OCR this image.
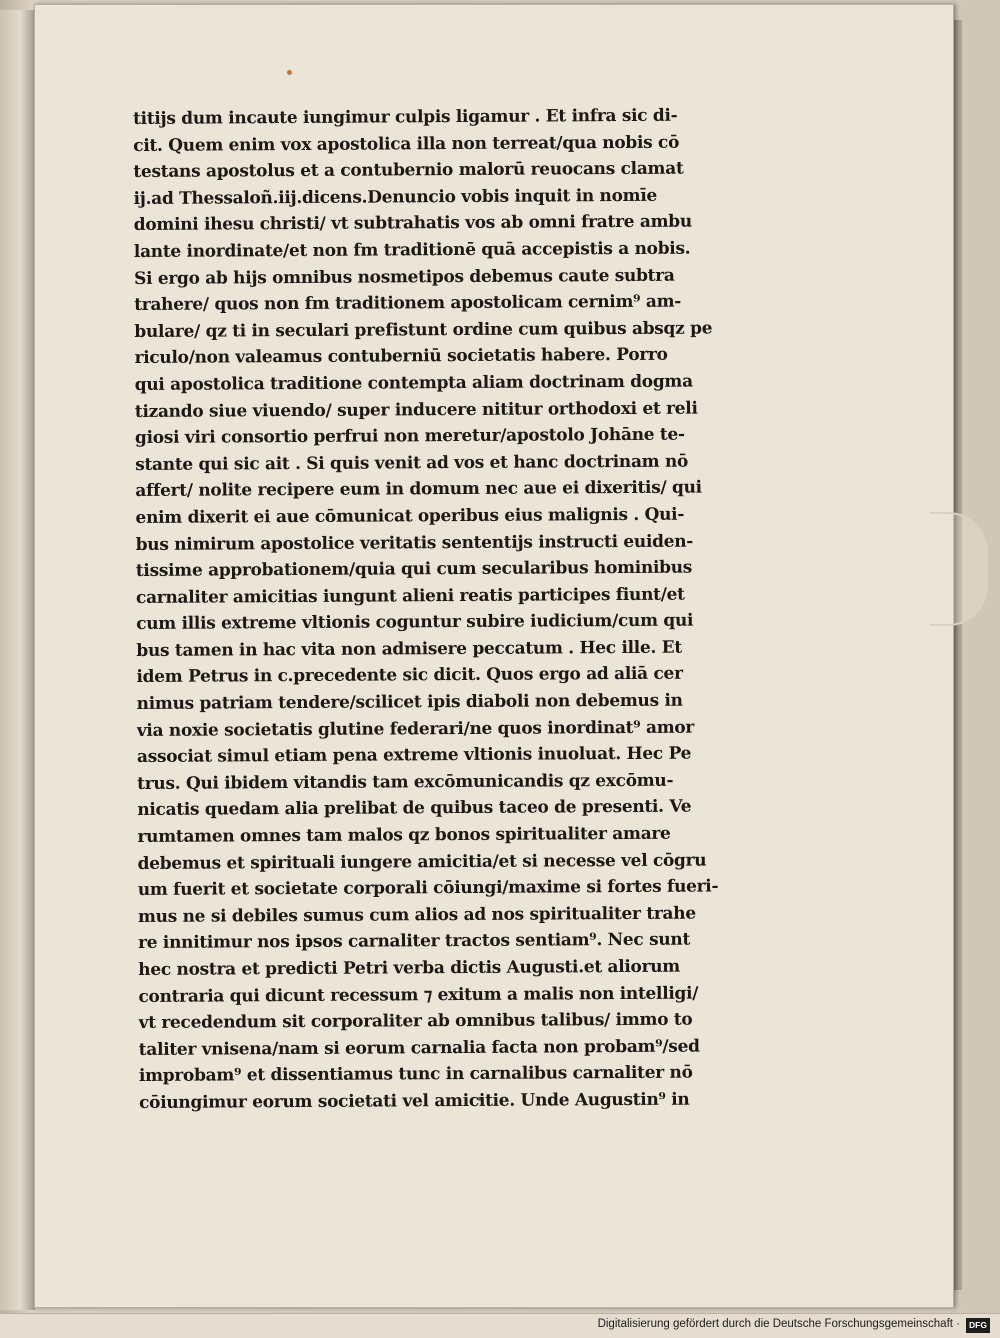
titijs dum incaute iungimur culpis ligamur . Et infra sic di-
cit. Quem enim vox apostolica illa non terreat/qua nobis cō
testans apostolus et a contubernio malorū reuocans clamat
ij.ad Thessaloñ.iij.dicens.Denuncio vobis inquit in nomīe
domini ihesu christi/ vt subtrahatis vos ab omni fratre ambu
lante inordinate/et non fm traditionē quā accepistis a nobis.
Si ergo ab hijs omnibus nosmetipos debemus caute subtra
trahere/ quos non fm traditionem apostolicam cernim⁹ am-
bulare/ qz ti in seculari prefistunt ordine cum quibus absqz pe
riculo/non valeamus contuberniū societatis habere. Porro
qui apostolica traditione contempta aliam doctrinam dogma
tizando siue viuendo/ super inducere nititur orthodoxi et reli
giosi viri consortio perfrui non meretur/apostolo Johāne te-
stante qui sic ait . Si quis venit ad vos et hanc doctrinam nō
affert/ nolite recipere eum in domum nec aue ei dixeritis/ qui
enim dixerit ei aue cōmunicat operibus eius malignis . Qui-
bus nimirum apostolice veritatis sententijs instructi euiden-
tissime approbationem/quia qui cum secularibus hominibus
carnaliter amicitias iungunt alieni reatis participes fiunt/et
cum illis extreme vltionis coguntur subire iudicium/cum qui
bus tamen in hac vita non admisere peccatum . Hec ille. Et
idem Petrus in c.precedente sic dicit. Quos ergo ad aliā cer
nimus patriam tendere/scilicet ipis diaboli non debemus in
via noxie societatis glutine federari/ne quos inordinat⁹ amor
associat simul etiam pena extreme vltionis inuoluat. Hec Pe
trus. Qui ibidem vitandis tam excōmunicandis qz excōmu-
nicatis quedam alia prelibat de quibus taceo de presenti. Ve
rumtamen omnes tam malos qz bonos spiritualiter amare
debemus et spirituali iungere amicitia/et si necesse vel cōgru
um fuerit et societate corporali cōiungi/maxime si fortes fueri-
mus ne si debiles sumus cum alios ad nos spiritualiter trahe
re innitimur nos ipsos carnaliter tractos sentiam⁹. Nec sunt
hec nostra et predicti Petri verba dictis Augusti.et aliorum
contraria qui dicunt recessum ⁊ exitum a malis non intelligi/
vt recedendum sit corporaliter ab omnibus talibus/ immo to
taliter vnisena/nam si eorum carnalia facta non probam⁹/sed
improbam⁹ et dissentiamus tunc in carnalibus carnaliter nō
cōiungimur eorum societati vel amicitie. Unde Augustin⁹ in
Digitalisierung gefördert durch die Deutsche Forschungsgemeinschaft ·	DFG
